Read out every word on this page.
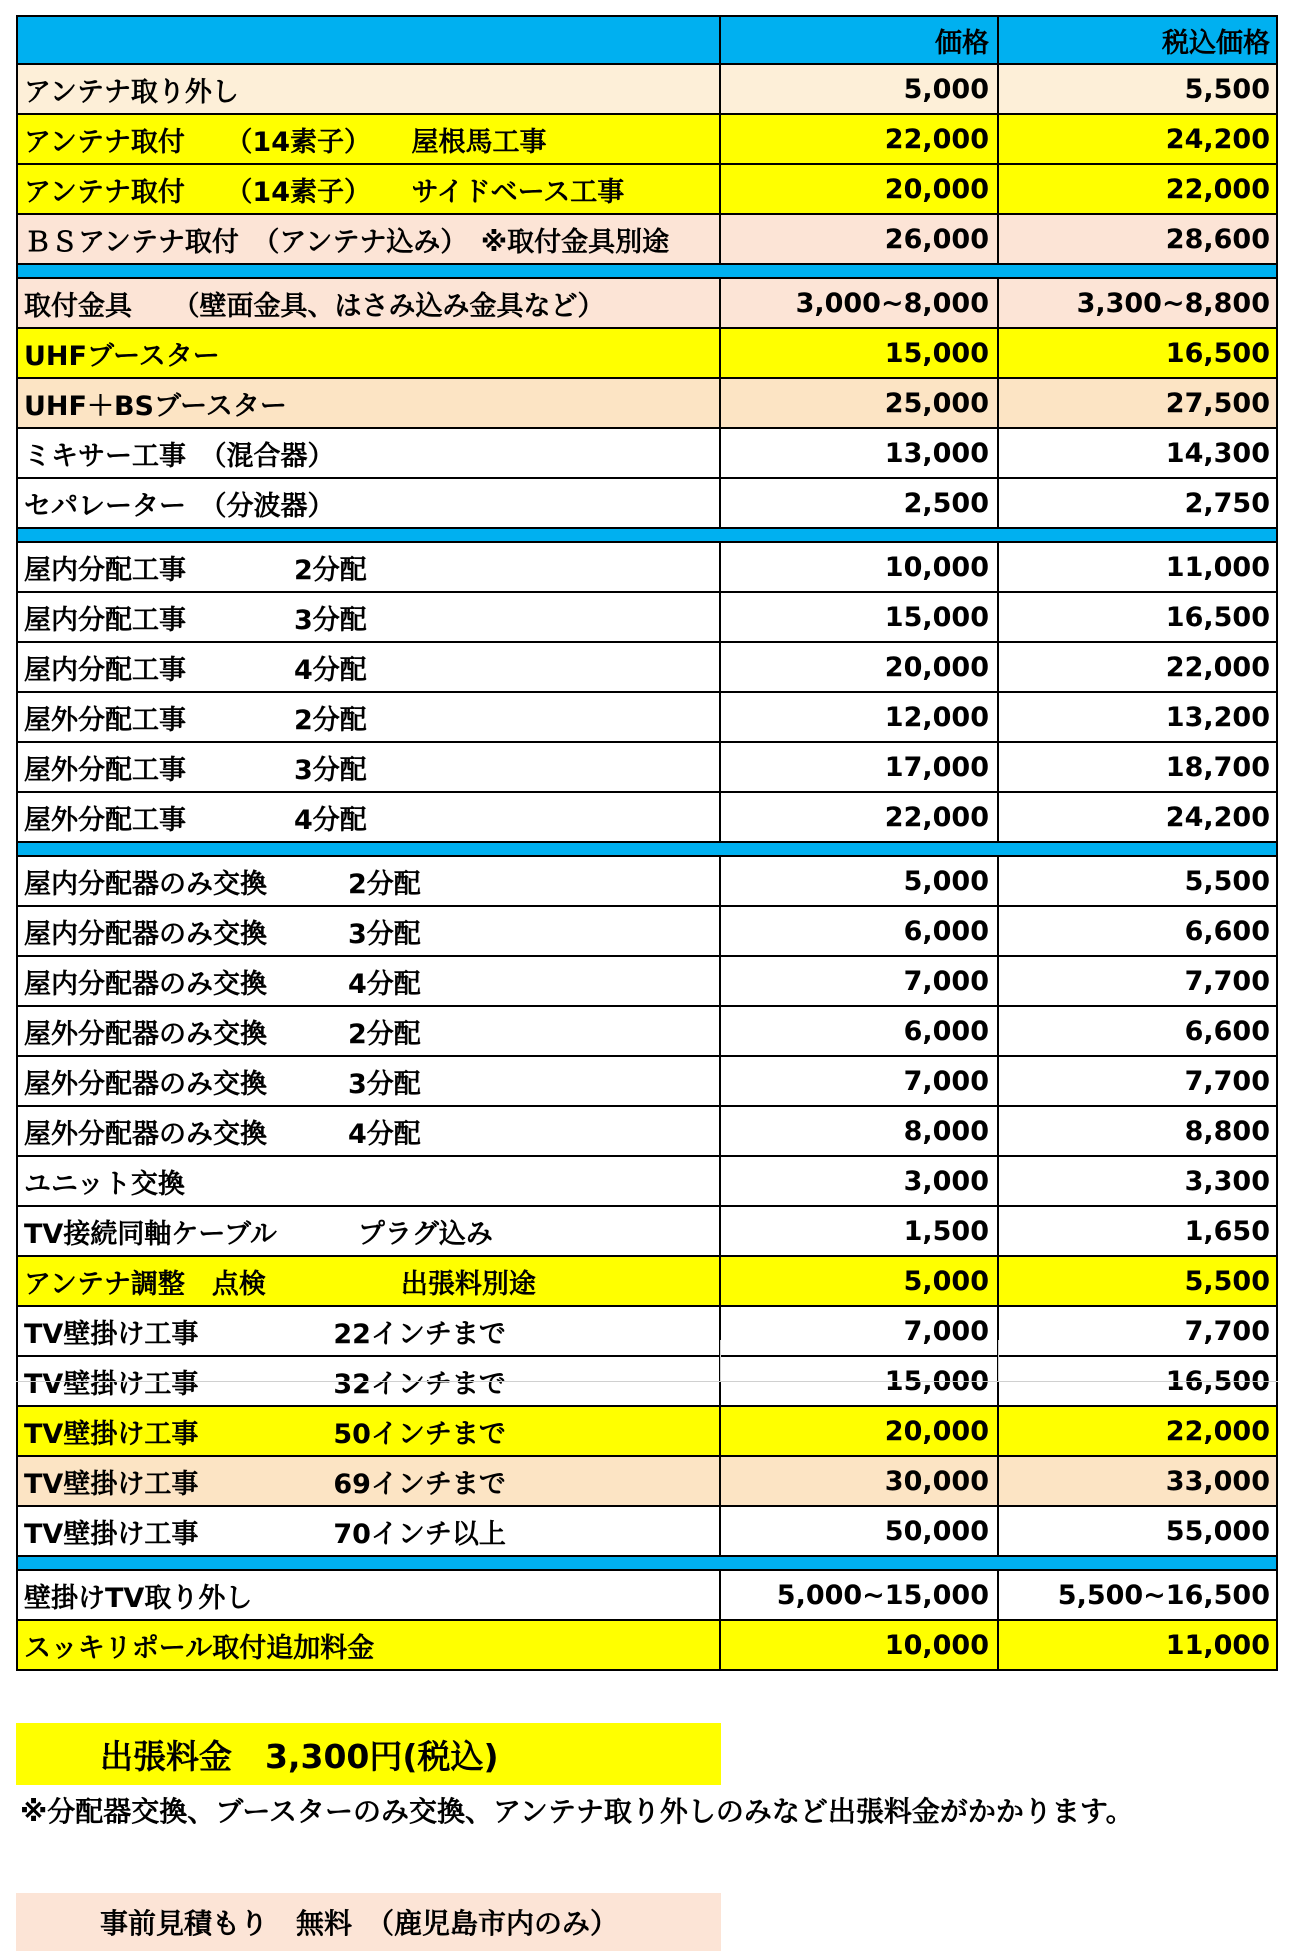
価格	税込価格
アンテナ取り外し	5,000	5,500
アンテナ取付　　（14素子）　　屋根馬工事	22,000	24,200
アンテナ取付　　（14素子）　　サイドベース工事	20,000	22,000
ＢＳアンテナ取付　（アンテナ込み）　※取付金具別途	26,000	28,600
取付金具　　（壁面金具、はさみ込み金具など）	3,000~8,000	3,300~8,800
UHFブースター	15,000	16,500
UHF＋BSブースター	25,000	27,500
ミキサー工事　（混合器）	13,000	14,300
セパレーター　（分波器）	2,500	2,750
屋内分配工事　　　　2分配	10,000	11,000
屋内分配工事　　　　3分配	15,000	16,500
屋内分配工事　　　　4分配	20,000	22,000
屋外分配工事　　　　2分配	12,000	13,200
屋外分配工事　　　　3分配	17,000	18,700
屋外分配工事　　　　4分配	22,000	24,200
屋内分配器のみ交換　　　2分配	5,000	5,500
屋内分配器のみ交換　　　3分配	6,000	6,600
屋内分配器のみ交換　　　4分配	7,000	7,700
屋外分配器のみ交換　　　2分配	6,000	6,600
屋外分配器のみ交換　　　3分配	7,000	7,700
屋外分配器のみ交換　　　4分配	8,000	8,800
ユニット交換	3,000	3,300
TV接続同軸ケーブル　　　プラグ込み	1,500	1,650
アンテナ調整　点検　　　　　出張料別途	5,000	5,500
TV壁掛け工事　　　　　22インチまで	7,000	7,700
TV壁掛け工事　　　　　32インチまで	15,000	16,500
TV壁掛け工事　　　　　50インチまで	20,000	22,000
TV壁掛け工事　　　　　69インチまで	30,000	33,000
TV壁掛け工事　　　　　70インチ以上	50,000	55,000
壁掛けTV取り外し	5,000~15,000	5,500~16,500
スッキリポール取付追加料金	10,000	11,000
出張料金　3,300円(税込)
※分配器交換、ブースターのみ交換、アンテナ取り外しのみなど出張料金がかかります。
事前見積もり　無料　（鹿児島市内のみ）
